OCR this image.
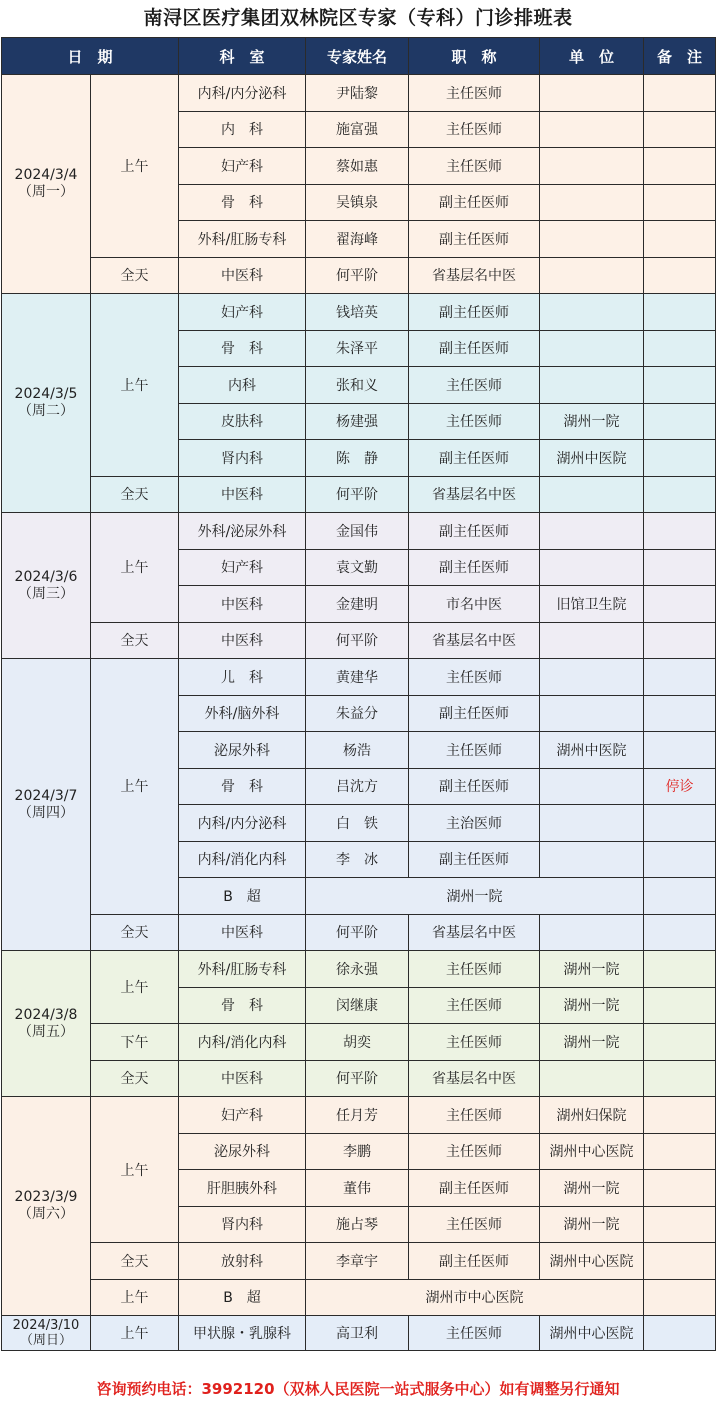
南浔区医疗集团双林院区专家（专科）门诊排班表
日　期		科　室	专家姓名	职　称	单　位	备　注
2024/3/4
（周一）	上午	内科/内分泌科	尹陆黎	主任医师		
		内　科	施富强	主任医师		
		妇产科	蔡如惠	主任医师		
		骨　科	吴镇泉	副主任医师		
		外科/肛肠专科	翟海峰	副主任医师		
	全天	中医科	何平阶	省基层名中医		
2024/3/5
（周二）	上午	妇产科	钱培英	副主任医师		
		骨　科	朱泽平	副主任医师		
		内科	张和义	主任医师		
		皮肤科	杨建强	主任医师	湖州一院	
		肾内科	陈　静	副主任医师	湖州中医院	
	全天	中医科	何平阶	省基层名中医		
2024/3/6
（周三）	上午	外科/泌尿外科	金国伟	副主任医师		
		妇产科	袁文勤	副主任医师		
		中医科	金建明	市名中医	旧馆卫生院	
	全天	中医科	何平阶	省基层名中医		
2024/3/7
（周四）	上午	儿　科	黄建华	主任医师		
		外科/脑外科	朱益分	副主任医师		
		泌尿外科	杨浩	主任医师	湖州中医院	
		骨　科	吕沈方	副主任医师		停诊
		内科/内分泌科	白　铁	主治医师		
		内科/消化内科	李　冰	副主任医师		
		B　超	湖州一院			
	全天	中医科	何平阶	省基层名中医		
2024/3/8
（周五）	上午	外科/肛肠专科	徐永强	主任医师	湖州一院	
		骨　科	闵继康	主任医师	湖州一院	
	下午	内科/消化内科	胡奕	主任医师	湖州一院	
	全天	中医科	何平阶	省基层名中医		
2023/3/9
（周六）	上午	妇产科	任月芳	主任医师	湖州妇保院	
		泌尿外科	李鹏	主任医师	湖州中心医院	
		肝胆胰外科	董伟	副主任医师	湖州一院	
		肾内科	施占琴	主任医师	湖州一院	
	全天	放射科	李章宇	副主任医师	湖州中心医院	
	上午	B　超	湖州市中心医院			
2024/3/10
（周日）	上午	甲状腺・乳腺科	高卫利	主任医师	湖州中心医院	
咨询预约电话：3992120（双林人民医院一站式服务中心）如有调整另行通知
